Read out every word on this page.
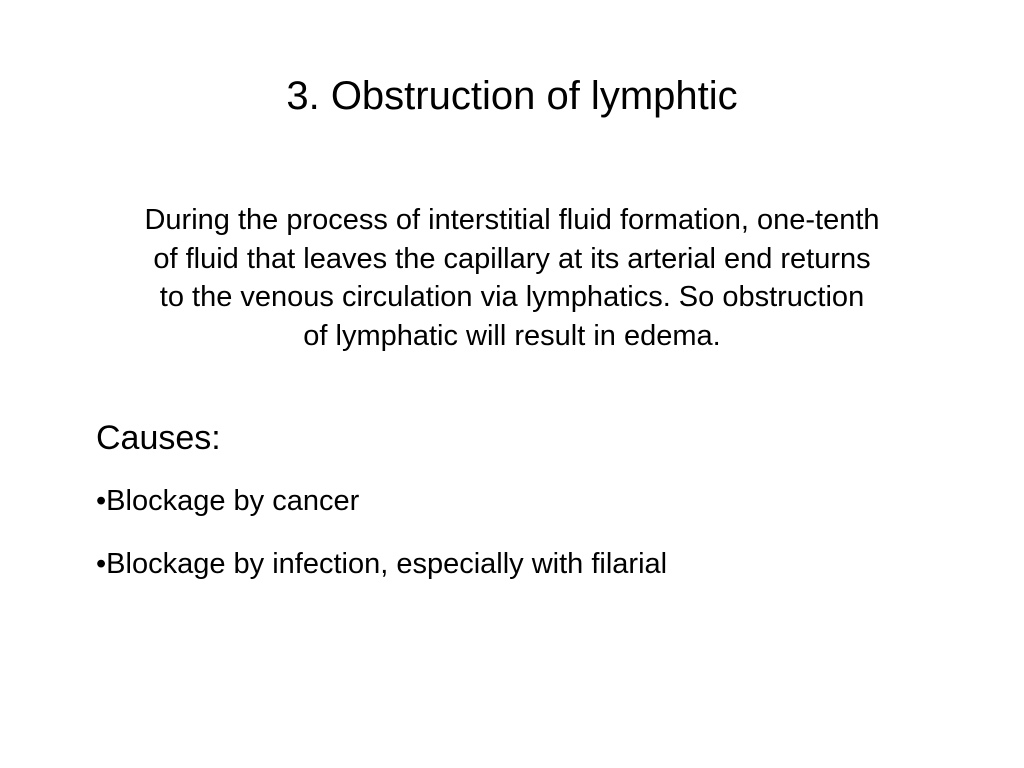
3. Obstruction of lymphtic

During the process of interstitial fluid formation, one-tenth
of fluid that leaves the capillary at its arterial end returns
to the venous circulation via lymphatics. So obstruction
of lymphatic will result in edema.

Causes:
•Blockage by cancer
•Blockage by infection, especially with filarial
